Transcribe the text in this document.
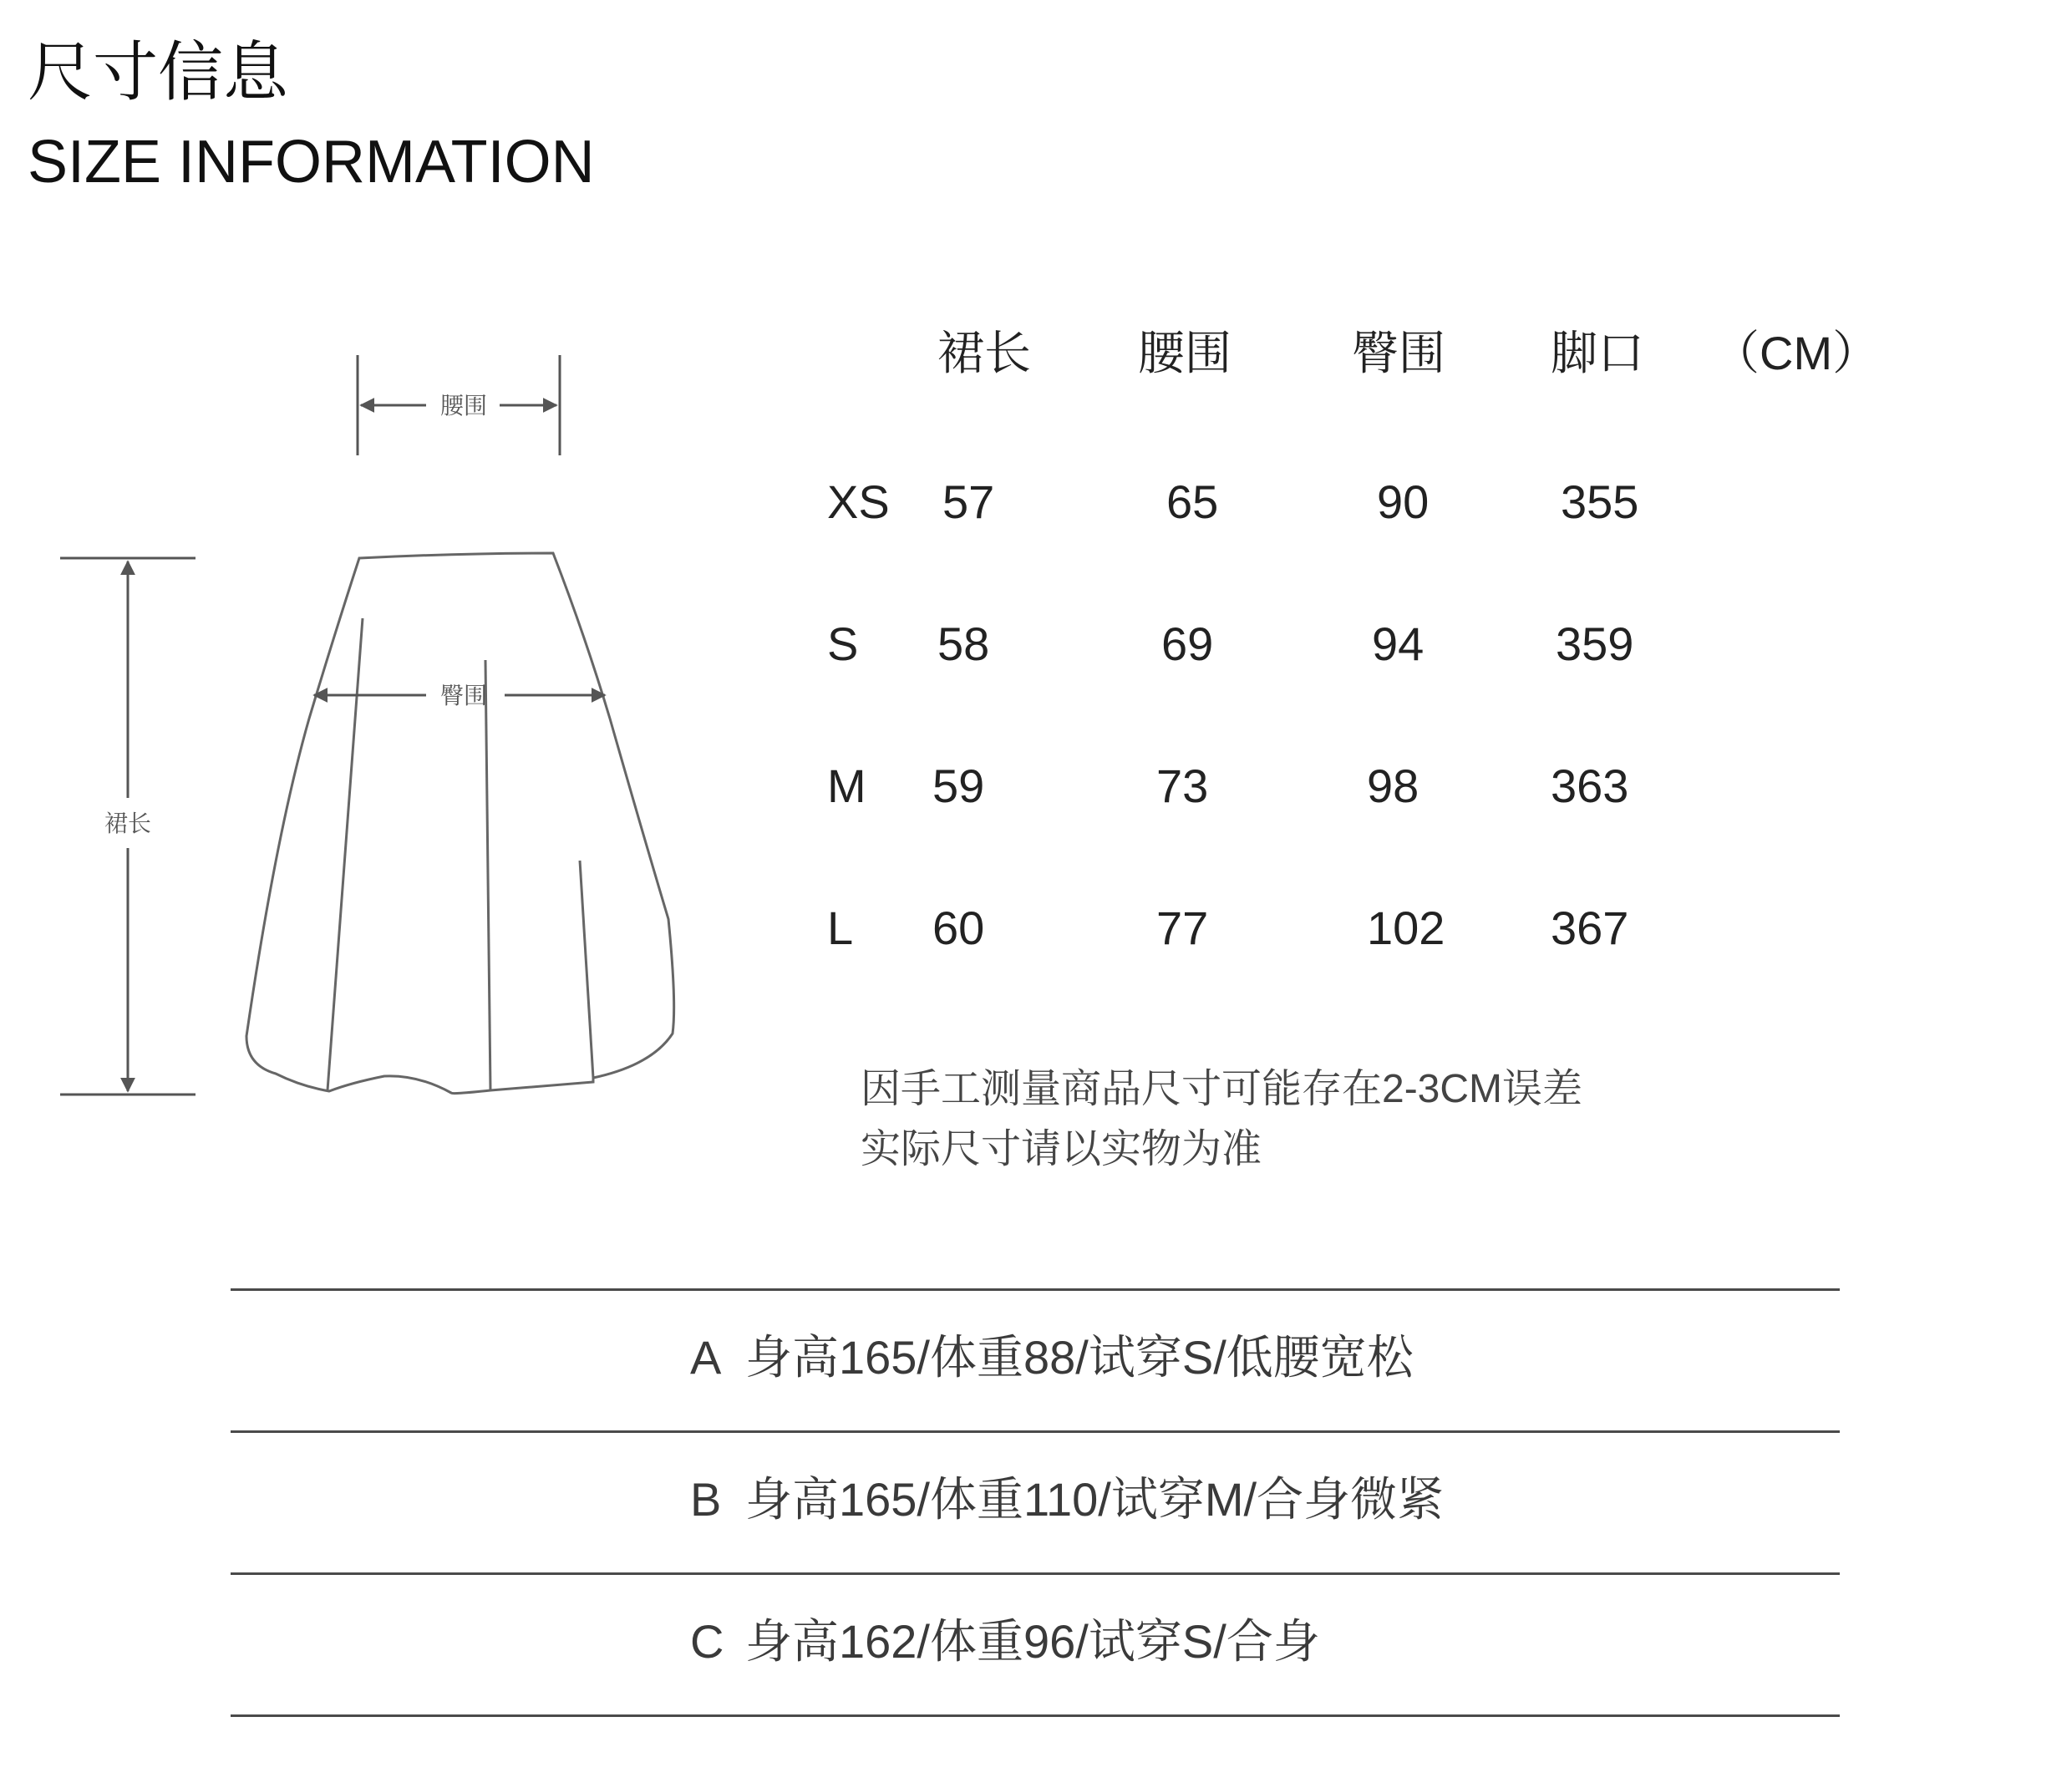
尺寸信息
SIZE INFORMATION
腰围
臀围
裙长
裙长 腰围	臀围 脚口 （CM）
XS 57	65	90	355
S 58	69	94	359
M 59	73	98	363
L 60	77	102 367
因手工测量商品尺寸可能存在2-3CM误差
实际尺寸请以实物为准
A 身高165/体重88/试穿S/低腰宽松
B 身高165/体重110/试穿M/合身微紧
C 身高162/体重96/试穿S/合身
